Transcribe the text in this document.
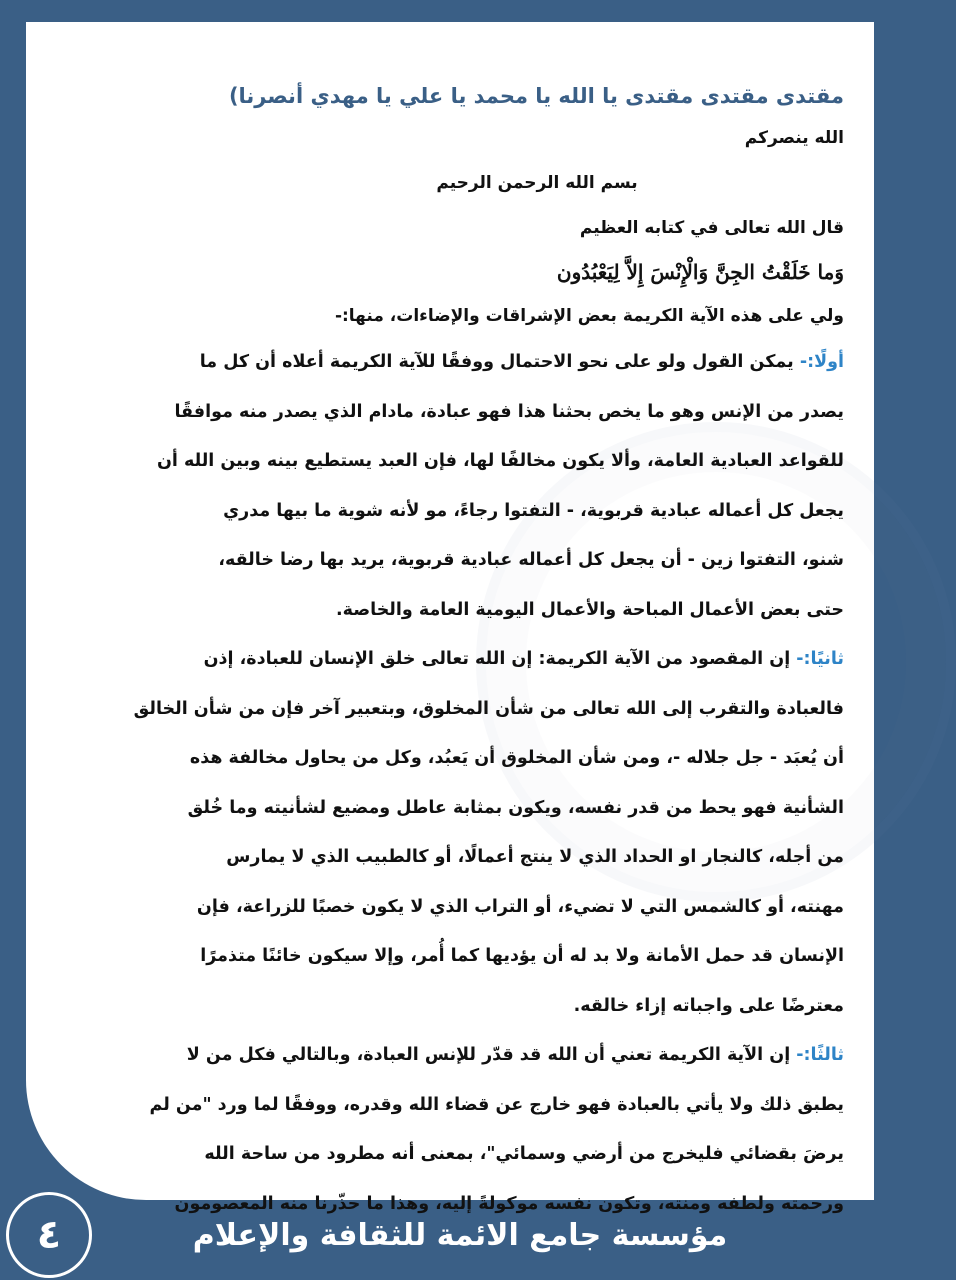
مقتدى مقتدى مقتدى يا الله يا محمد يا علي يا مهدي أنصرنا)

الله ينصركم

بسم الله الرحمن الرحيم

قال الله تعالى في كتابه العظيم

وَما خَلَقْتُ الجِنَّ وَالْإِنْسَ إِلاَّ لِيَعْبُدُون

ولي على هذه الآية الكريمة بعض الإشراقات والإضاءات، منها:-

أولًا:- يمكن القول ولو على نحو الاحتمال ووفقًا للآية الكريمة أعلاه أن كل ما

يصدر من الإنس وهو ما يخص بحثنا هذا فهو عبادة، مادام الذي يصدر منه موافقًا

للقواعد العبادية العامة، وألا يكون مخالفًا لها، فإن العبد يستطيع بينه وبين الله أن

يجعل كل أعماله عبادية قربوية، - التفتوا رجاءً، مو لأنه شوية ما بيها مدري

شنو، التفتوا زين - أن يجعل كل أعماله عبادية قربوية، يريد بها رضا خالقه،

حتى بعض الأعمال المباحة والأعمال اليومية العامة والخاصة.

ثانيًا:- إن المقصود من الآية الكريمة: إن الله تعالى خلق الإنسان للعبادة، إذن

فالعبادة والتقرب إلى الله تعالى من شأن المخلوق، وبتعبير آخر فإن من شأن الخالق

أن يُعبَد - جل جلاله -، ومن شأن المخلوق أن يَعبُد، وكل من يحاول مخالفة هذه

الشأنية فهو يحط من قدر نفسه، ويكون بمثابة عاطل ومضيع لشأنيته وما خُلق

من أجله، كالنجار او الحداد الذي لا ينتج أعمالًا، أو كالطبيب الذي لا يمارس

مهنته، أو كالشمس التي لا تضيء، أو التراب الذي لا يكون خصبًا للزراعة، فإن

الإنسان قد حمل الأمانة ولا بد له أن يؤديها كما أُمر، وإلا سيكون خائنًا متذمرًا

معترضًا على واجباته إزاء خالقه.

ثالثًا:- إن الآية الكريمة تعني أن الله قد قدّر للإنس العبادة، وبالتالي فكل من لا

يطبق ذلك ولا يأتي بالعبادة فهو خارج عن قضاء الله وقدره، ووفقًا لما ورد "من لم

يرضَ بقضائي فليخرج من أرضي وسمائي"، بمعنى أنه مطرود من ساحة الله

ورحمته ولطفه ومنته، وتكون نفسه موكولةً إليه، وهذا ما حذّرنا منه المعصومون

مؤسسة جامع الائمة للثقافة والإعلام
٤
